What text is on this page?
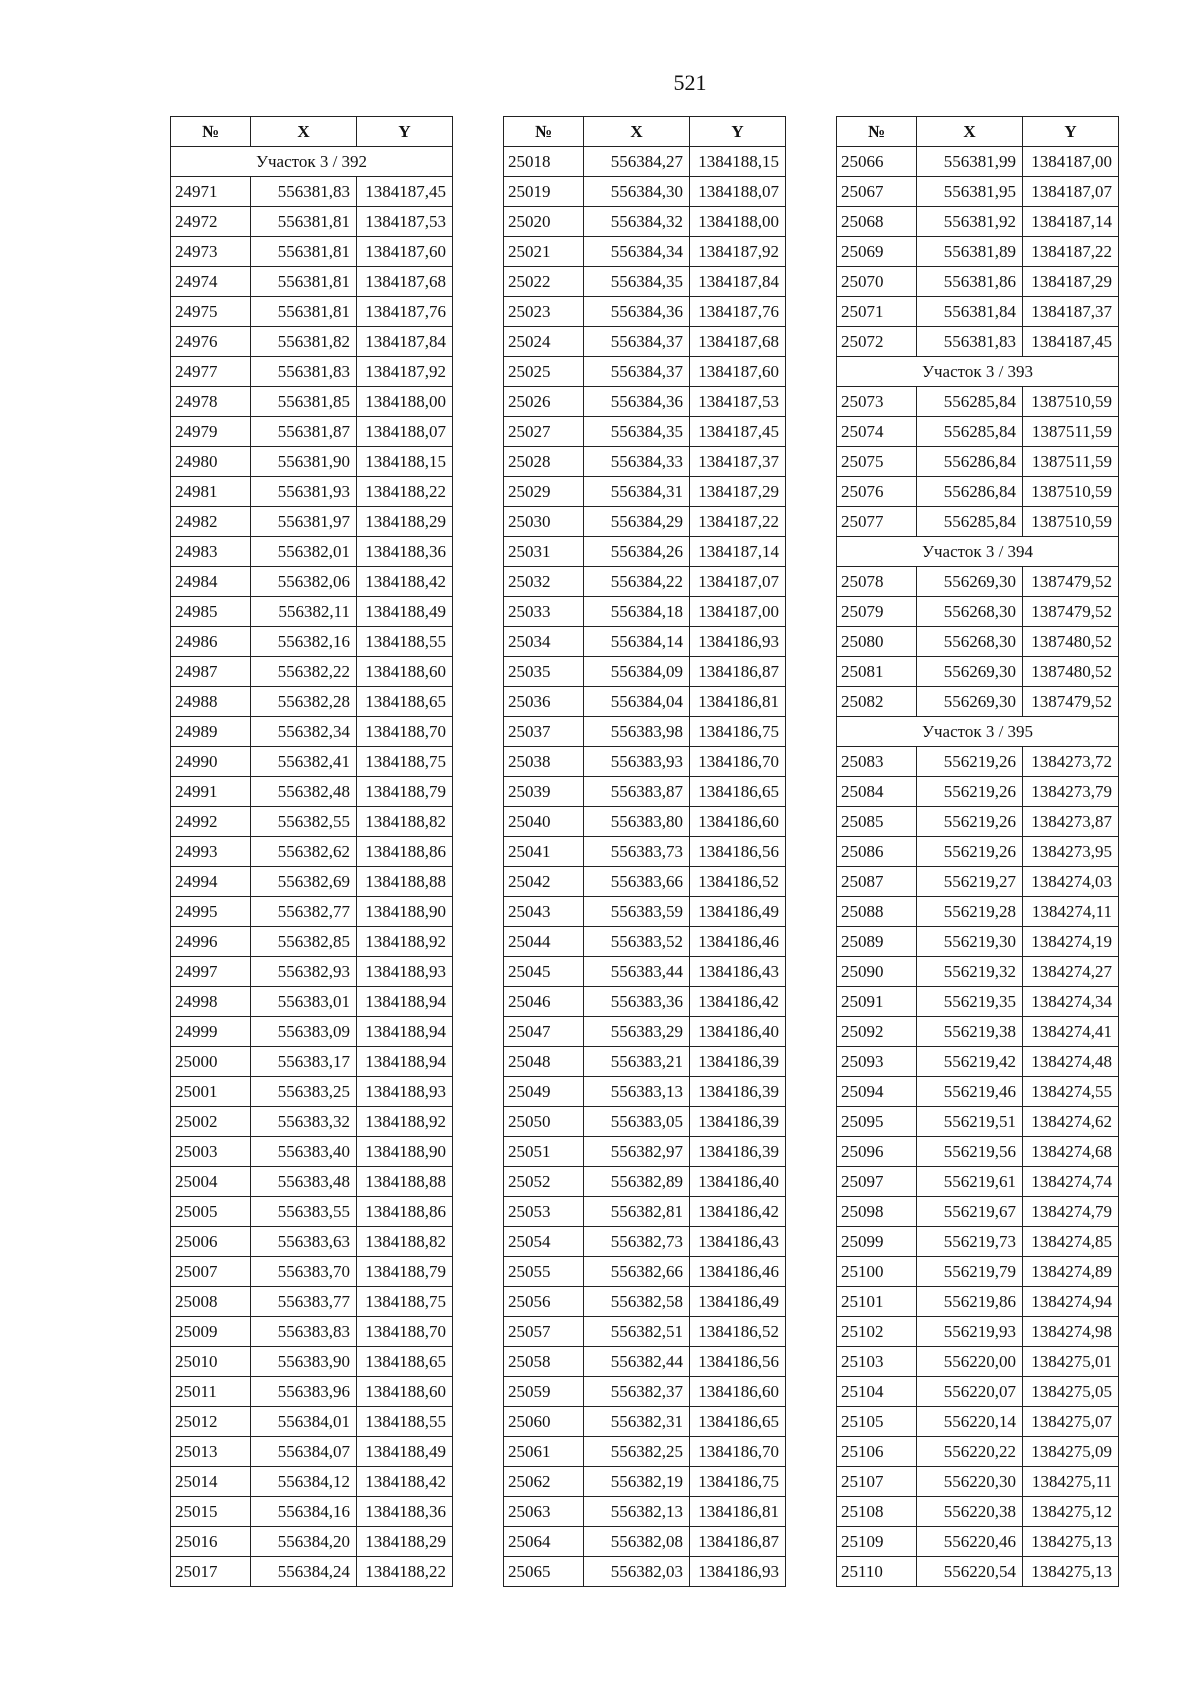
521
№	X	Y
Участок 3 / 392		
24971	556381,83	1384187,45
24972	556381,81	1384187,53
24973	556381,81	1384187,60
24974	556381,81	1384187,68
24975	556381,81	1384187,76
24976	556381,82	1384187,84
24977	556381,83	1384187,92
24978	556381,85	1384188,00
24979	556381,87	1384188,07
24980	556381,90	1384188,15
24981	556381,93	1384188,22
24982	556381,97	1384188,29
24983	556382,01	1384188,36
24984	556382,06	1384188,42
24985	556382,11	1384188,49
24986	556382,16	1384188,55
24987	556382,22	1384188,60
24988	556382,28	1384188,65
24989	556382,34	1384188,70
24990	556382,41	1384188,75
24991	556382,48	1384188,79
24992	556382,55	1384188,82
24993	556382,62	1384188,86
24994	556382,69	1384188,88
24995	556382,77	1384188,90
24996	556382,85	1384188,92
24997	556382,93	1384188,93
24998	556383,01	1384188,94
24999	556383,09	1384188,94
25000	556383,17	1384188,94
25001	556383,25	1384188,93
25002	556383,32	1384188,92
25003	556383,40	1384188,90
25004	556383,48	1384188,88
25005	556383,55	1384188,86
25006	556383,63	1384188,82
25007	556383,70	1384188,79
25008	556383,77	1384188,75
25009	556383,83	1384188,70
25010	556383,90	1384188,65
25011	556383,96	1384188,60
25012	556384,01	1384188,55
25013	556384,07	1384188,49
25014	556384,12	1384188,42
25015	556384,16	1384188,36
25016	556384,20	1384188,29
25017	556384,24	1384188,22
№	X	Y
25018	556384,27	1384188,15
25019	556384,30	1384188,07
25020	556384,32	1384188,00
25021	556384,34	1384187,92
25022	556384,35	1384187,84
25023	556384,36	1384187,76
25024	556384,37	1384187,68
25025	556384,37	1384187,60
25026	556384,36	1384187,53
25027	556384,35	1384187,45
25028	556384,33	1384187,37
25029	556384,31	1384187,29
25030	556384,29	1384187,22
25031	556384,26	1384187,14
25032	556384,22	1384187,07
25033	556384,18	1384187,00
25034	556384,14	1384186,93
25035	556384,09	1384186,87
25036	556384,04	1384186,81
25037	556383,98	1384186,75
25038	556383,93	1384186,70
25039	556383,87	1384186,65
25040	556383,80	1384186,60
25041	556383,73	1384186,56
25042	556383,66	1384186,52
25043	556383,59	1384186,49
25044	556383,52	1384186,46
25045	556383,44	1384186,43
25046	556383,36	1384186,42
25047	556383,29	1384186,40
25048	556383,21	1384186,39
25049	556383,13	1384186,39
25050	556383,05	1384186,39
25051	556382,97	1384186,39
25052	556382,89	1384186,40
25053	556382,81	1384186,42
25054	556382,73	1384186,43
25055	556382,66	1384186,46
25056	556382,58	1384186,49
25057	556382,51	1384186,52
25058	556382,44	1384186,56
25059	556382,37	1384186,60
25060	556382,31	1384186,65
25061	556382,25	1384186,70
25062	556382,19	1384186,75
25063	556382,13	1384186,81
25064	556382,08	1384186,87
25065	556382,03	1384186,93
№	X	Y
25066	556381,99	1384187,00
25067	556381,95	1384187,07
25068	556381,92	1384187,14
25069	556381,89	1384187,22
25070	556381,86	1384187,29
25071	556381,84	1384187,37
25072	556381,83	1384187,45
Участок 3 / 393		
25073	556285,84	1387510,59
25074	556285,84	1387511,59
25075	556286,84	1387511,59
25076	556286,84	1387510,59
25077	556285,84	1387510,59
Участок 3 / 394		
25078	556269,30	1387479,52
25079	556268,30	1387479,52
25080	556268,30	1387480,52
25081	556269,30	1387480,52
25082	556269,30	1387479,52
Участок 3 / 395		
25083	556219,26	1384273,72
25084	556219,26	1384273,79
25085	556219,26	1384273,87
25086	556219,26	1384273,95
25087	556219,27	1384274,03
25088	556219,28	1384274,11
25089	556219,30	1384274,19
25090	556219,32	1384274,27
25091	556219,35	1384274,34
25092	556219,38	1384274,41
25093	556219,42	1384274,48
25094	556219,46	1384274,55
25095	556219,51	1384274,62
25096	556219,56	1384274,68
25097	556219,61	1384274,74
25098	556219,67	1384274,79
25099	556219,73	1384274,85
25100	556219,79	1384274,89
25101	556219,86	1384274,94
25102	556219,93	1384274,98
25103	556220,00	1384275,01
25104	556220,07	1384275,05
25105	556220,14	1384275,07
25106	556220,22	1384275,09
25107	556220,30	1384275,11
25108	556220,38	1384275,12
25109	556220,46	1384275,13
25110	556220,54	1384275,13
